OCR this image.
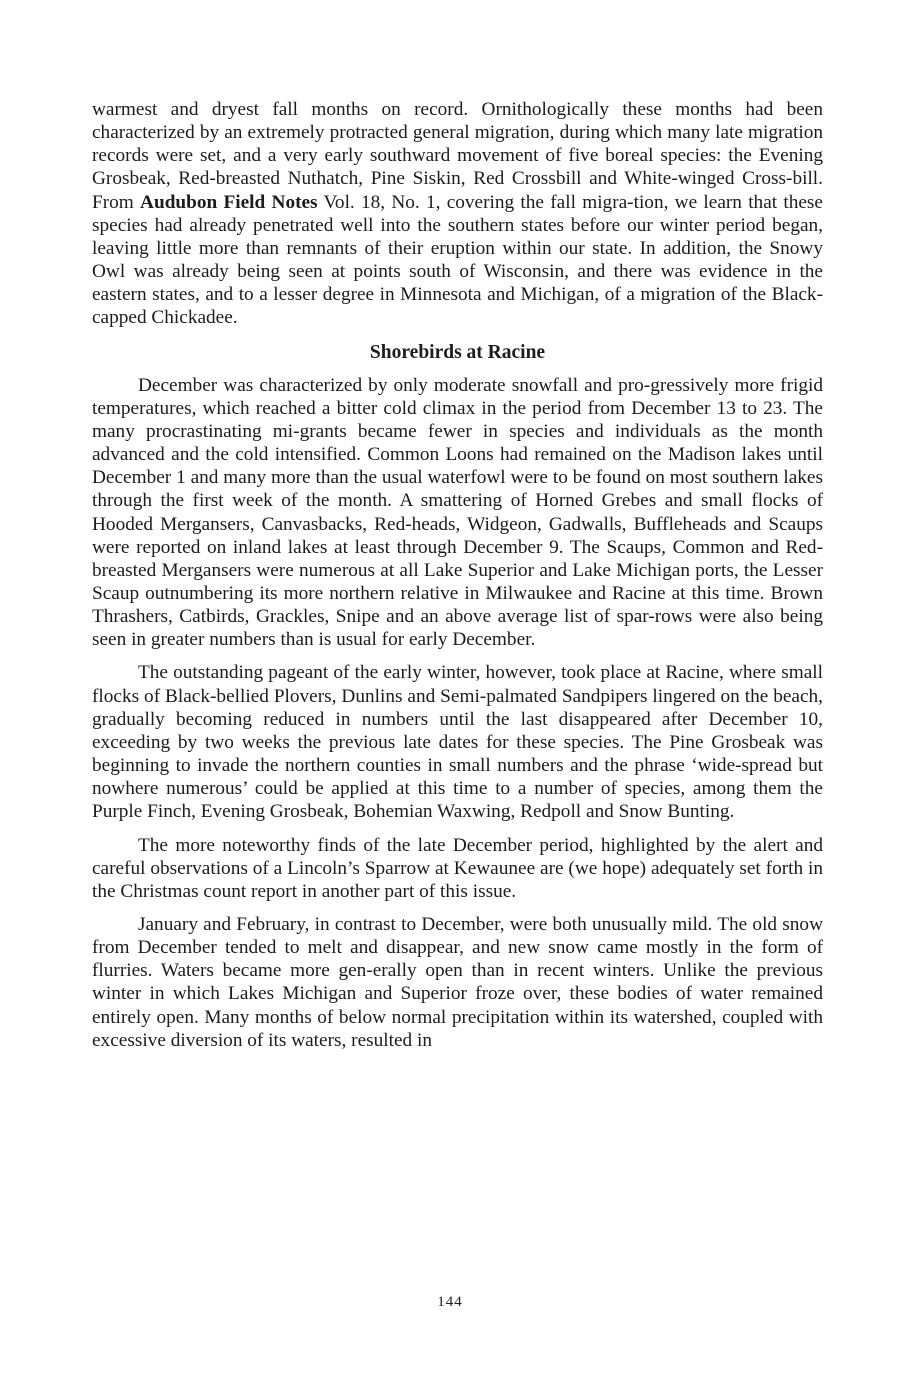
warmest and dryest fall months on record. Ornithologically these months had been characterized by an extremely protracted general migration, during which many late migration records were set, and a very early southward movement of five boreal species: the Evening Grosbeak, Red-breasted Nuthatch, Pine Siskin, Red Crossbill and White-winged Cross-bill. From Audubon Field Notes Vol. 18, No. 1, covering the fall migra-tion, we learn that these species had already penetrated well into the southern states before our winter period began, leaving little more than remnants of their eruption within our state. In addition, the Snowy Owl was already being seen at points south of Wisconsin, and there was evidence in the eastern states, and to a lesser degree in Minnesota and Michigan, of a migration of the Black-capped Chickadee.

Shorebirds at Racine

December was characterized by only moderate snowfall and pro-gressively more frigid temperatures, which reached a bitter cold climax in the period from December 13 to 23. The many procrastinating mi-grants became fewer in species and individuals as the month advanced and the cold intensified. Common Loons had remained on the Madison lakes until December 1 and many more than the usual waterfowl were to be found on most southern lakes through the first week of the month. A smattering of Horned Grebes and small flocks of Hooded Mergansers, Canvasbacks, Red-heads, Widgeon, Gadwalls, Buffleheads and Scaups were reported on inland lakes at least through December 9. The Scaups, Common and Red-breasted Mergansers were numerous at all Lake Superior and Lake Michigan ports, the Lesser Scaup outnumbering its more northern relative in Milwaukee and Racine at this time. Brown Thrashers, Catbirds, Grackles, Snipe and an above average list of spar-rows were also being seen in greater numbers than is usual for early December.

The outstanding pageant of the early winter, however, took place at Racine, where small flocks of Black-bellied Plovers, Dunlins and Semi-palmated Sandpipers lingered on the beach, gradually becoming reduced in numbers until the last disappeared after December 10, exceeding by two weeks the previous late dates for these species. The Pine Grosbeak was beginning to invade the northern counties in small numbers and the phrase ‘wide-spread but nowhere numerous’ could be applied at this time to a number of species, among them the Purple Finch, Evening Grosbeak, Bohemian Waxwing, Redpoll and Snow Bunting.

The more noteworthy finds of the late December period, highlighted by the alert and careful observations of a Lincoln’s Sparrow at Kewaunee are (we hope) adequately set forth in the Christmas count report in another part of this issue.

January and February, in contrast to December, were both unusually mild. The old snow from December tended to melt and disappear, and new snow came mostly in the form of flurries. Waters became more gen-erally open than in recent winters. Unlike the previous winter in which Lakes Michigan and Superior froze over, these bodies of water remained entirely open. Many months of below normal precipitation within its watershed, coupled with excessive diversion of its waters, resulted in

144
